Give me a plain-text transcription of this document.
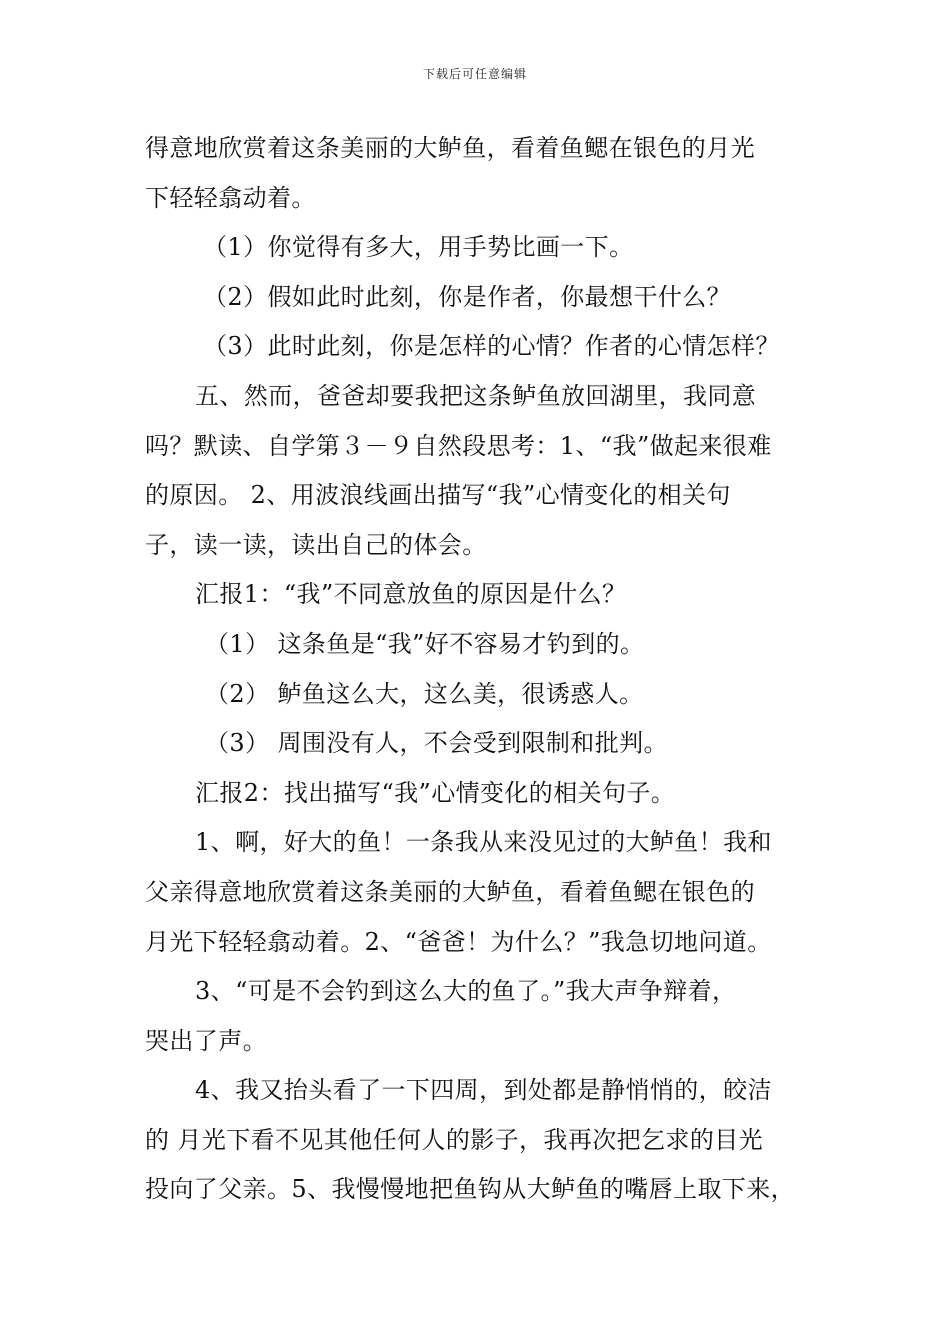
下载后可任意编辑
得意地欣赏着这条美丽的大鲈鱼，看着鱼鳃在银色的月光
下轻轻翕动着。
（1）你觉得有多大，用手势比画一下。
（2）假如此时此刻，你是作者，你最想干什么？
（3）此时此刻，你是怎样的心情？作者的心情怎样？
五、然而，爸爸却要我把这条鲈鱼放回湖里，我同意
吗？默读、自学第３－９自然段思考：1、“我”做起来很难
的原因。 2、用波浪线画出描写“我”心情变化的相关句
子，读一读，读出自己的体会。
汇报1：“我”不同意放鱼的原因是什么？
（1） 这条鱼是“我”好不容易才钓到的。
（2） 鲈鱼这么大，这么美，很诱惑人。
（3） 周围没有人，不会受到限制和批判。
汇报2：找出描写“我”心情变化的相关句子。
1、啊，好大的鱼！一条我从来没见过的大鲈鱼！我和
父亲得意地欣赏着这条美丽的大鲈鱼，看着鱼鳃在银色的
月光下轻轻翕动着。2、“爸爸！为什么？”我急切地问道。
3、“可是不会钓到这么大的鱼了。”我大声争辩着，
哭出了声。
4、我又抬头看了一下四周，到处都是静悄悄的，皎洁
的 月光下看不见其他任何人的影子，我再次把乞求的目光
投向了父亲。5、我慢慢地把鱼钩从大鲈鱼的嘴唇上取下来，
